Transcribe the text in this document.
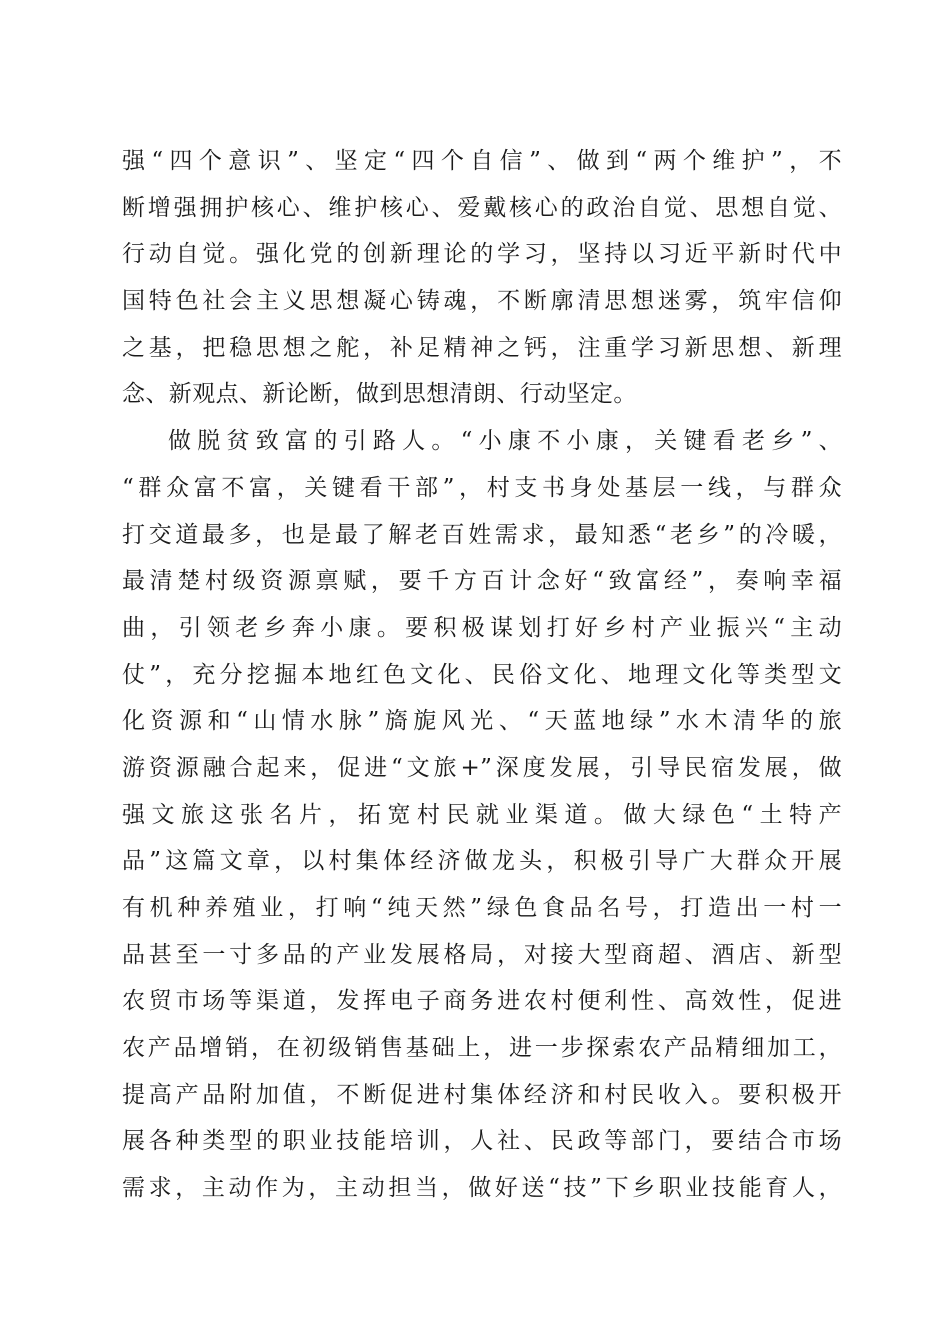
强“四个意识”、坚定“四个自信”、做到“两个维护”，不
断增强拥护核心、维护核心、爱戴核心的政治自觉、思想自觉、
行动自觉。强化党的创新理论的学习，坚持以习近平新时代中
国特色社会主义思想凝心铸魂，不断廓清思想迷雾，筑牢信仰
之基，把稳思想之舵，补足精神之钙，注重学习新思想、新理
念、新观点、新论断，做到思想清朗、行动坚定。
做脱贫致富的引路人。“小康不小康，关键看老乡”、
“群众富不富，关键看干部”，村支书身处基层一线，与群众
打交道最多，也是最了解老百姓需求，最知悉“老乡”的冷暖，
最清楚村级资源禀赋，要千方百计念好“致富经”，奏响幸福
曲，引领老乡奔小康。要积极谋划打好乡村产业振兴“主动
仗”，充分挖掘本地红色文化、民俗文化、地理文化等类型文
化资源和“山情水脉”旖旎风光、“天蓝地绿”水木清华的旅
游资源融合起来，促进“文旅+”深度发展，引导民宿发展，做
强文旅这张名片，拓宽村民就业渠道。做大绿色“土特产
品”这篇文章，以村集体经济做龙头，积极引导广大群众开展
有机种养殖业，打响“纯天然”绿色食品名号，打造出一村一
品甚至一寸多品的产业发展格局，对接大型商超、酒店、新型
农贸市场等渠道，发挥电子商务进农村便利性、高效性，促进
农产品增销，在初级销售基础上，进一步探索农产品精细加工，
提高产品附加值，不断促进村集体经济和村民收入。要积极开
展各种类型的职业技能培训，人社、民政等部门，要结合市场
需求，主动作为，主动担当，做好送“技”下乡职业技能育人，
